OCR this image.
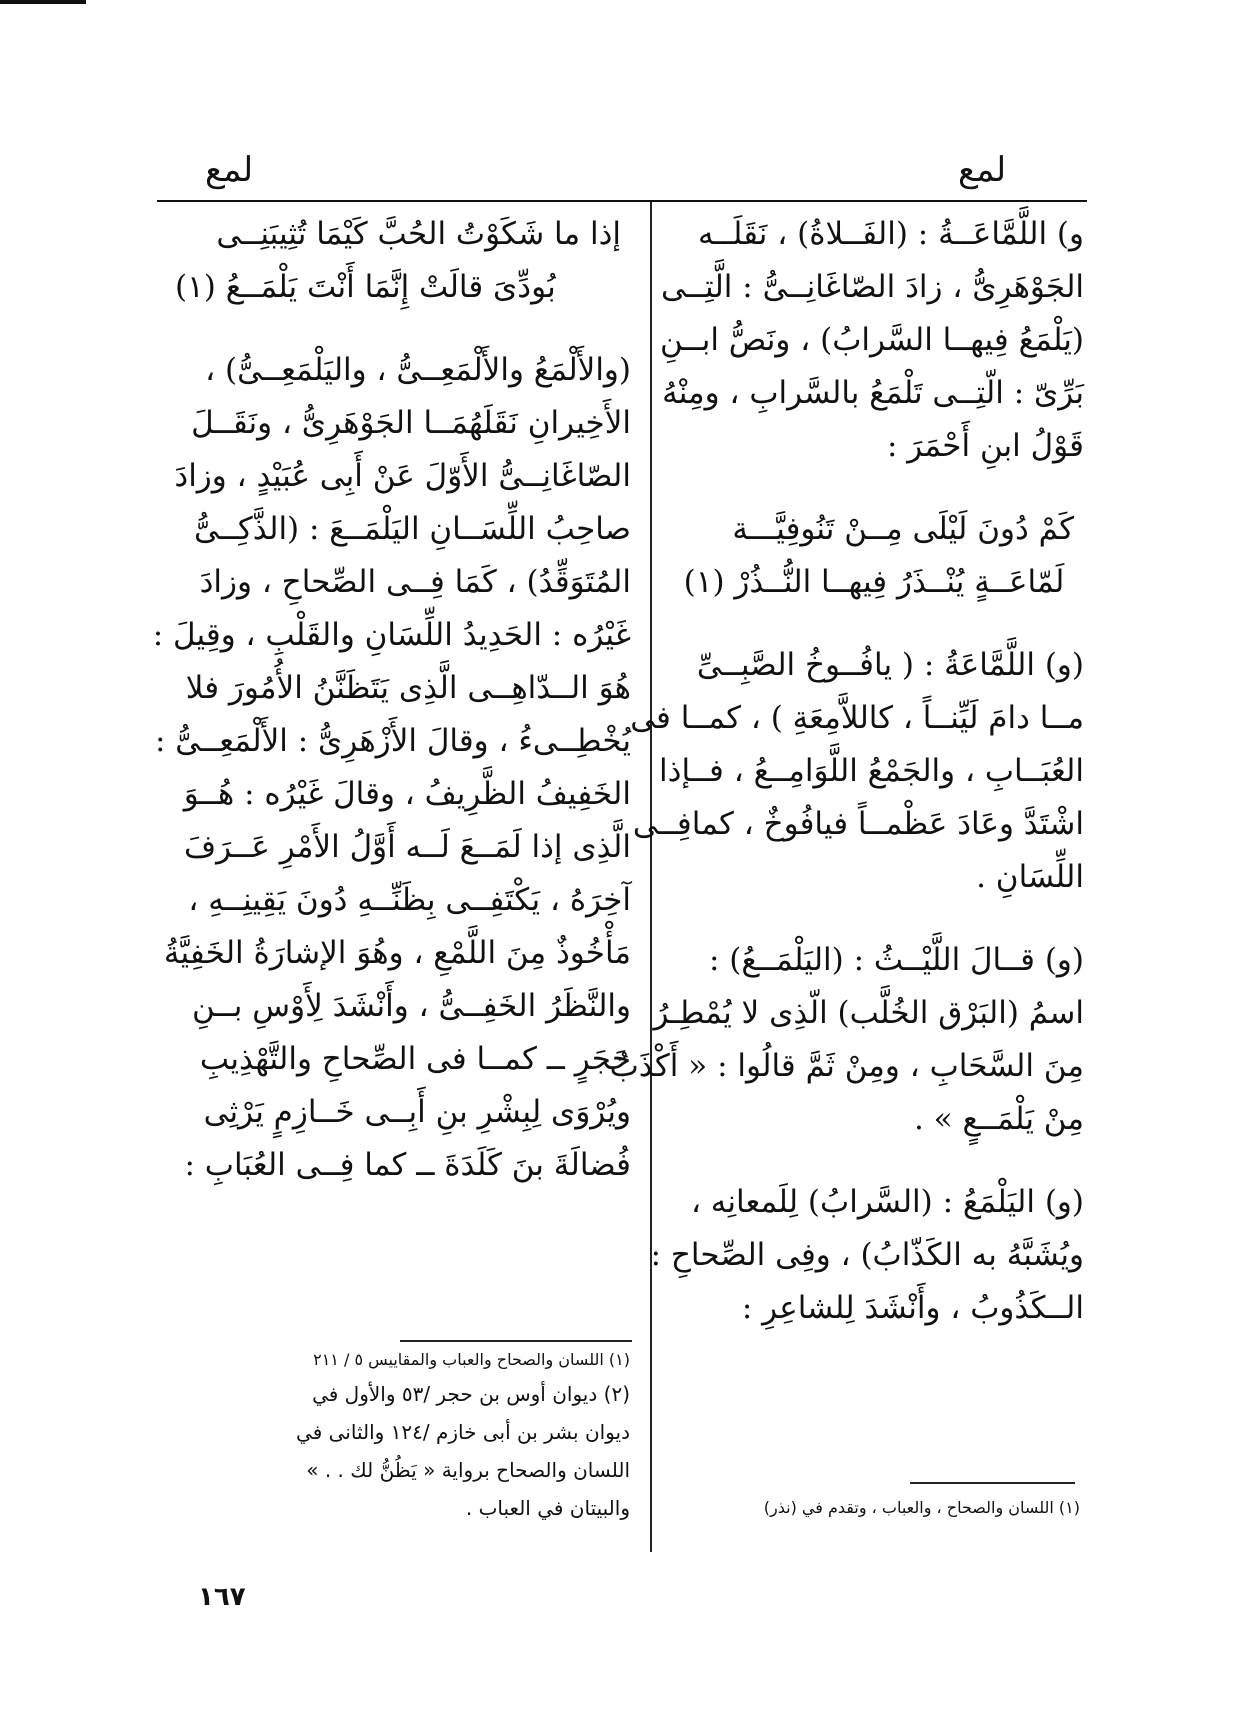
لمع	لمع
و) اللَّمَّاعَــةُ : (الفَــلاةُ) ، نَقَلَــه
الجَوْهَرِىُّ ، زادَ الصّاغَانِــىُّ : الَّتِــى
(يَلْمَعُ فِيهــا السَّرابُ) ، ونَصُّ ابــنِ
بَرِّىّ : الّتِــى تَلْمَعُ بالسَّرابِ ، ومِنْهُ
قَوْلُ ابنِ أَحْمَرَ :
كَمْ دُونَ لَيْلَى مِــنْ تَنُوفِيَّـــة
لَمّاعَــةٍ يُنْــذَرُ فِيهــا النُّــذُرْ (١)
(و) اللَّمَّاعَةُ : ( يافُــوخُ الصَّبِــىِّ
مــا دامَ لَيِّنــاً ، كاللاَّمِعَةِ ) ، كمــا فى
العُبَــابِ ، والجَمْعُ اللَّوَامِــعُ ، فــإذا
اشْتَدَّ وعَادَ عَظْمــاً فيافُوخٌ ، كمافِــى
اللِّسَانِ .
(و) قــالَ اللَّيْــثُ : (اليَلْمَــعُ) :
اسمُ (البَرْق الخُلَّب) الّذِى لا يُمْطِـرُ
مِنَ السَّحَابِ ، ومِنْ ثَمَّ قالُوا : « أَكْذَبُ
مِنْ يَلْمَــعٍ » .
(و) اليَلْمَعُ : (السَّرابُ) لِلَمعانِه ،
ويُشَبَّهُ به الكَذّابُ) ، وفِى الصِّحاحِ :
الــكَذُوبُ ، وأَنْشَدَ لِلشاعِرِ :
(١) اللسان والصحاح ، والعباب ، وتقدم في (نذر)
إذا ما شَكَوْتُ الحُبَّ كَيْمَا تُثِيبَنِــى
بُودِّىَ قالَتْ إِنَّمَا أَنْتَ يَلْمَــعُ (١)
(والأَلْمَعُ والأَلْمَعِــىُّ ، واليَلْمَعِــىُّ) ،
الأَخِيرانِ نَقَلَهُمَــا الجَوْهَرِىُّ ، ونَقَــلَ
الصّاغَانِــىُّ الأَوّلَ عَنْ أَبِى عُبَيْدٍ ، وزادَ
صاحِبُ اللِّسَــانِ اليَلْمَــعَ : (الذَّكِــىُّ
المُتَوَقِّدُ) ، كَمَا فِــى الصِّحاحِ ، وزادَ
غَيْرُه : الحَدِيدُ اللِّسَانِ والقَلْبِ ، وقِيلَ :
هُوَ الــدّاهِــى الَّذِى يَتَظَنَّنُ الأُمُورَ فلا
يُخْطِــىءُ ، وقالَ الأَزْهَرِىُّ : الأَلْمَعِــىُّ :
الخَفِيفُ الظَّرِيفُ ، وقالَ غَيْرُه : هُــوَ
الَّذِى إذا لَمَــعَ لَــه أَوَّلُ الأَمْرِ عَــرَفَ
آخِرَهُ ، يَكْتَفِــى بِظَنِّــهِ دُونَ يَقِينِــهِ ،
مَأْخُوذٌ مِنَ اللَّمْعِ ، وهُوَ الإشارَةُ الخَفِيَّةُ
والنَّظَرُ الخَفِــىُّ ، وأَنْشَدَ لِأَوْسِ بــنِ
حَجَرٍ ــ كمــا فى الصِّحاحِ والتَّهْذِيبِ
ويُرْوَى لِبِشْرِ بنِ أَبِــى خَــازِمٍ يَرْثِى
فُضالَةَ بنَ كَلَدَةَ ــ كما فِــى العُبَابِ :
(١) اللسان والصحاح والعباب والمقاييس ٥ / ٢١١
(٢) ديوان أوس بن حجر /٥٣ والأول في
ديوان بشر بن أبى خازم /١٢٤ والثانى في
اللسان والصحاح برواية « يَظُنُّ لك . . »
والبيتان في العباب .
١٦٧
